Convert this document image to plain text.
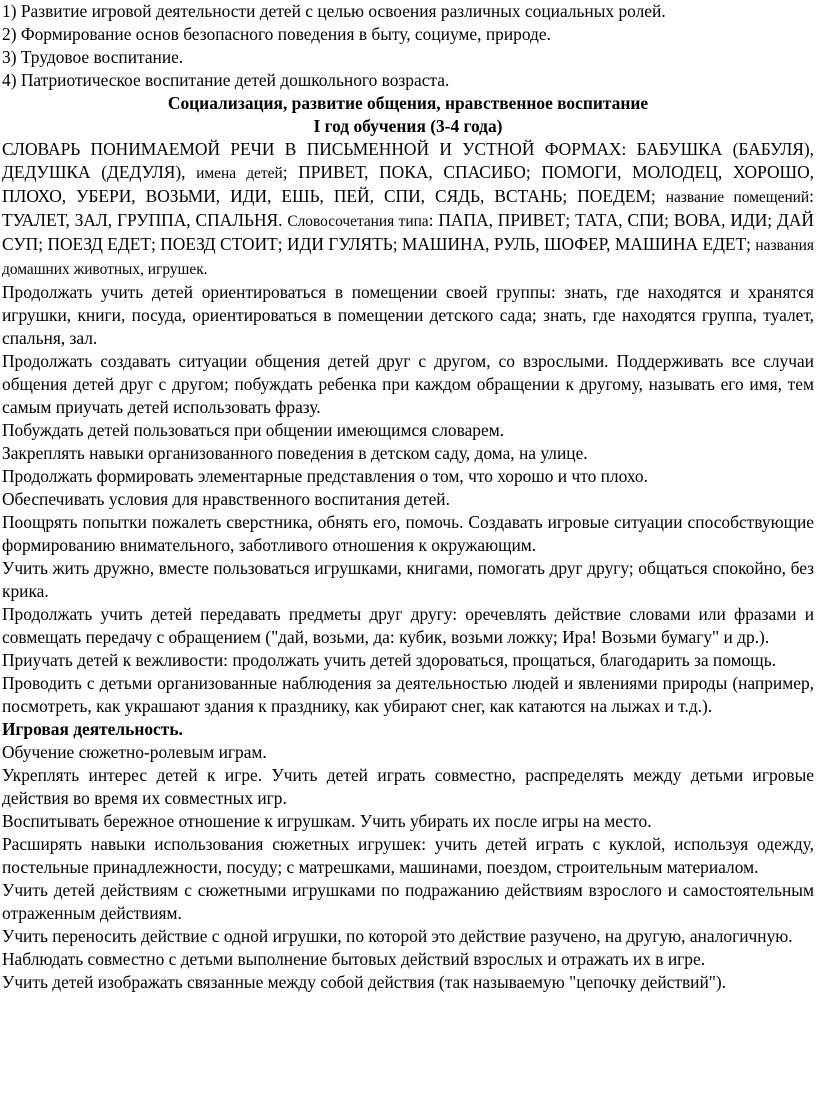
1) Развитие игровой деятельности детей с целью освоения различных социальных ролей.

2) Формирование основ безопасного поведения в быту, социуме, природе.

3) Трудовое воспитание.

4) Патриотическое воспитание детей дошкольного возраста.

Социализация, развитие общения, нравственное воспитание

I год обучения (3-4 года)

СЛОВАРЬ ПОНИМАЕМОЙ РЕЧИ В ПИСЬМЕННОЙ И УСТНОЙ ФОРМАХ: БАБУШКА (БАБУЛЯ), ДЕДУШКА (ДЕДУЛЯ), имена детей; ПРИВЕТ, ПОКА, СПАСИБО; ПОМОГИ, МОЛОДЕЦ, ХОРОШО, ПЛОХО, УБЕРИ, ВОЗЬМИ, ИДИ, ЕШЬ, ПЕЙ, СПИ, СЯДЬ, ВСТАНЬ; ПОЕДЕМ; название помещений: ТУАЛЕТ, ЗАЛ, ГРУППА, СПАЛЬНЯ. Словосочетания типа: ПАПА, ПРИВЕТ; ТАТА, СПИ; ВОВА, ИДИ; ДАЙ СУП; ПОЕЗД ЕДЕТ; ПОЕЗД СТОИТ; ИДИ ГУЛЯТЬ; МАШИНА, РУЛЬ, ШОФЕР, МАШИНА ЕДЕТ; названия домашних животных, игрушек.

Продолжать учить детей ориентироваться в помещении своей группы: знать, где находятся и хранятся игрушки, книги, посуда, ориентироваться в помещении детского сада; знать, где находятся группа, туалет, спальня, зал.

Продолжать создавать ситуации общения детей друг с другом, со взрослыми. Поддерживать все случаи общения детей друг с другом; побуждать ребенка при каждом обращении к другому, называть его имя, тем самым приучать детей использовать фразу.

Побуждать детей пользоваться при общении имеющимся словарем.

Закреплять навыки организованного поведения в детском саду, дома, на улице.

Продолжать формировать элементарные представления о том, что хорошо и что плохо.

Обеспечивать условия для нравственного воспитания детей.

Поощрять попытки пожалеть сверстника, обнять его, помочь. Создавать игровые ситуации способствующие формированию внимательного, заботливого отношения к окружающим.

Учить жить дружно, вместе пользоваться игрушками, книгами, помогать друг другу; общаться спокойно, без крика.

Продолжать учить детей передавать предметы друг другу: оречевлять действие словами или фразами и совмещать передачу с обращением ("дай, возьми, да: кубик, возьми ложку; Ира! Возьми бумагу" и др.).

Приучать детей к вежливости: продолжать учить детей здороваться, прощаться, благодарить за помощь.

Проводить с детьми организованные наблюдения за деятельностью людей и явлениями природы (например, посмотреть, как украшают здания к празднику, как убирают снег, как катаются на лыжах и т.д.).

Игровая деятельность.

Обучение сюжетно-ролевым играм.

Укреплять интерес детей к игре. Учить детей играть совместно, распределять между детьми игровые действия во время их совместных игр.

Воспитывать бережное отношение к игрушкам. Учить убирать их после игры на место.

Расширять навыки использования сюжетных игрушек: учить детей играть с куклой, используя одежду, постельные принадлежности, посуду; с матрешками, машинами, поездом, строительным материалом.

Учить детей действиям с сюжетными игрушками по подражанию действиям взрослого и самостоятельным отраженным действиям.

Учить переносить действие с одной игрушки, по которой это действие разучено, на другую, аналогичную.

Наблюдать совместно с детьми выполнение бытовых действий взрослых и отражать их в игре.

Учить детей изображать связанные между собой действия (так называемую "цепочку действий").
